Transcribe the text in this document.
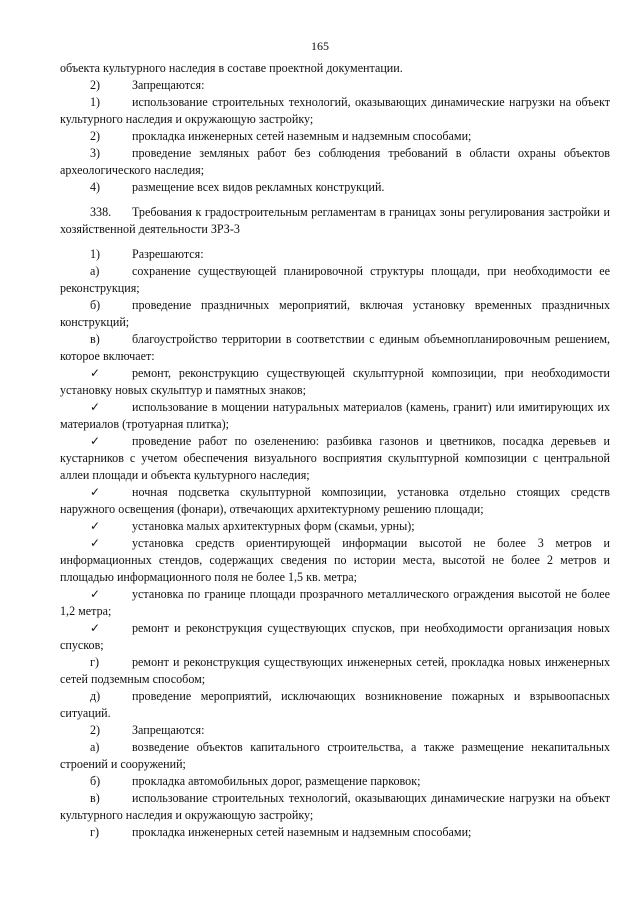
165

объекта культурного наследия в составе проектной документации.

2)	Запрещаются:

1)	использование строительных технологий, оказывающих динамические нагрузки на объект культурного наследия и окружающую застройку;

2)	прокладка инженерных сетей наземным и надземным способами;

3)	проведение земляных работ без соблюдения требований в области охраны объектов археологического наследия;

4)	размещение всех видов рекламных конструкций.

338. Требования к градостроительным регламентам в границах зоны регулирования застройки и хозяйственной деятельности ЗРЗ-3

1)	Разрешаются:

а)	сохранение существующей планировочной структуры площади, при необходимости ее реконструкция;

б)	проведение праздничных мероприятий, включая установку временных праздничных конструкций;

в)	благоустройство территории в соответствии с единым объемнопланировочным решением, которое включает:

✓	ремонт, реконструкцию существующей скульптурной композиции, при необходимости установку новых скульптур и памятных знаков;

✓	использование в мощении натуральных материалов (камень, гранит) или имитирующих их материалов (тротуарная плитка);

✓	проведение работ по озеленению: разбивка газонов и цветников, посадка деревьев и кустарников с учетом обеспечения визуального восприятия скульптурной композиции с центральной аллеи площади и объекта культурного наследия;

✓	ночная подсветка скульптурной композиции, установка отдельно стоящих средств наружного освещения (фонари), отвечающих архитектурному решению площади;

✓	установка малых архитектурных форм (скамьи, урны);

✓	установка средств ориентирующей информации высотой не более 3 метров и информационных стендов, содержащих сведения по истории места, высотой не более 2 метров и площадью информационного поля не более 1,5 кв. метра;

✓	установка по границе площади прозрачного металлического ограждения высотой не более 1,2 метра;

✓	ремонт и реконструкция существующих спусков, при необходимости организация новых спусков;

г)	ремонт и реконструкция существующих инженерных сетей, прокладка новых инженерных сетей подземным способом;

д)	проведение мероприятий, исключающих возникновение пожарных и взрывоопасных ситуаций.

2)	Запрещаются:

а)	возведение объектов капитального строительства, а также размещение некапитальных строений и сооружений;

б)	прокладка автомобильных дорог, размещение парковок;

в)	использование строительных технологий, оказывающих динамические нагрузки на объект культурного наследия и окружающую застройку;

г)	прокладка инженерных сетей наземным и надземным способами;
